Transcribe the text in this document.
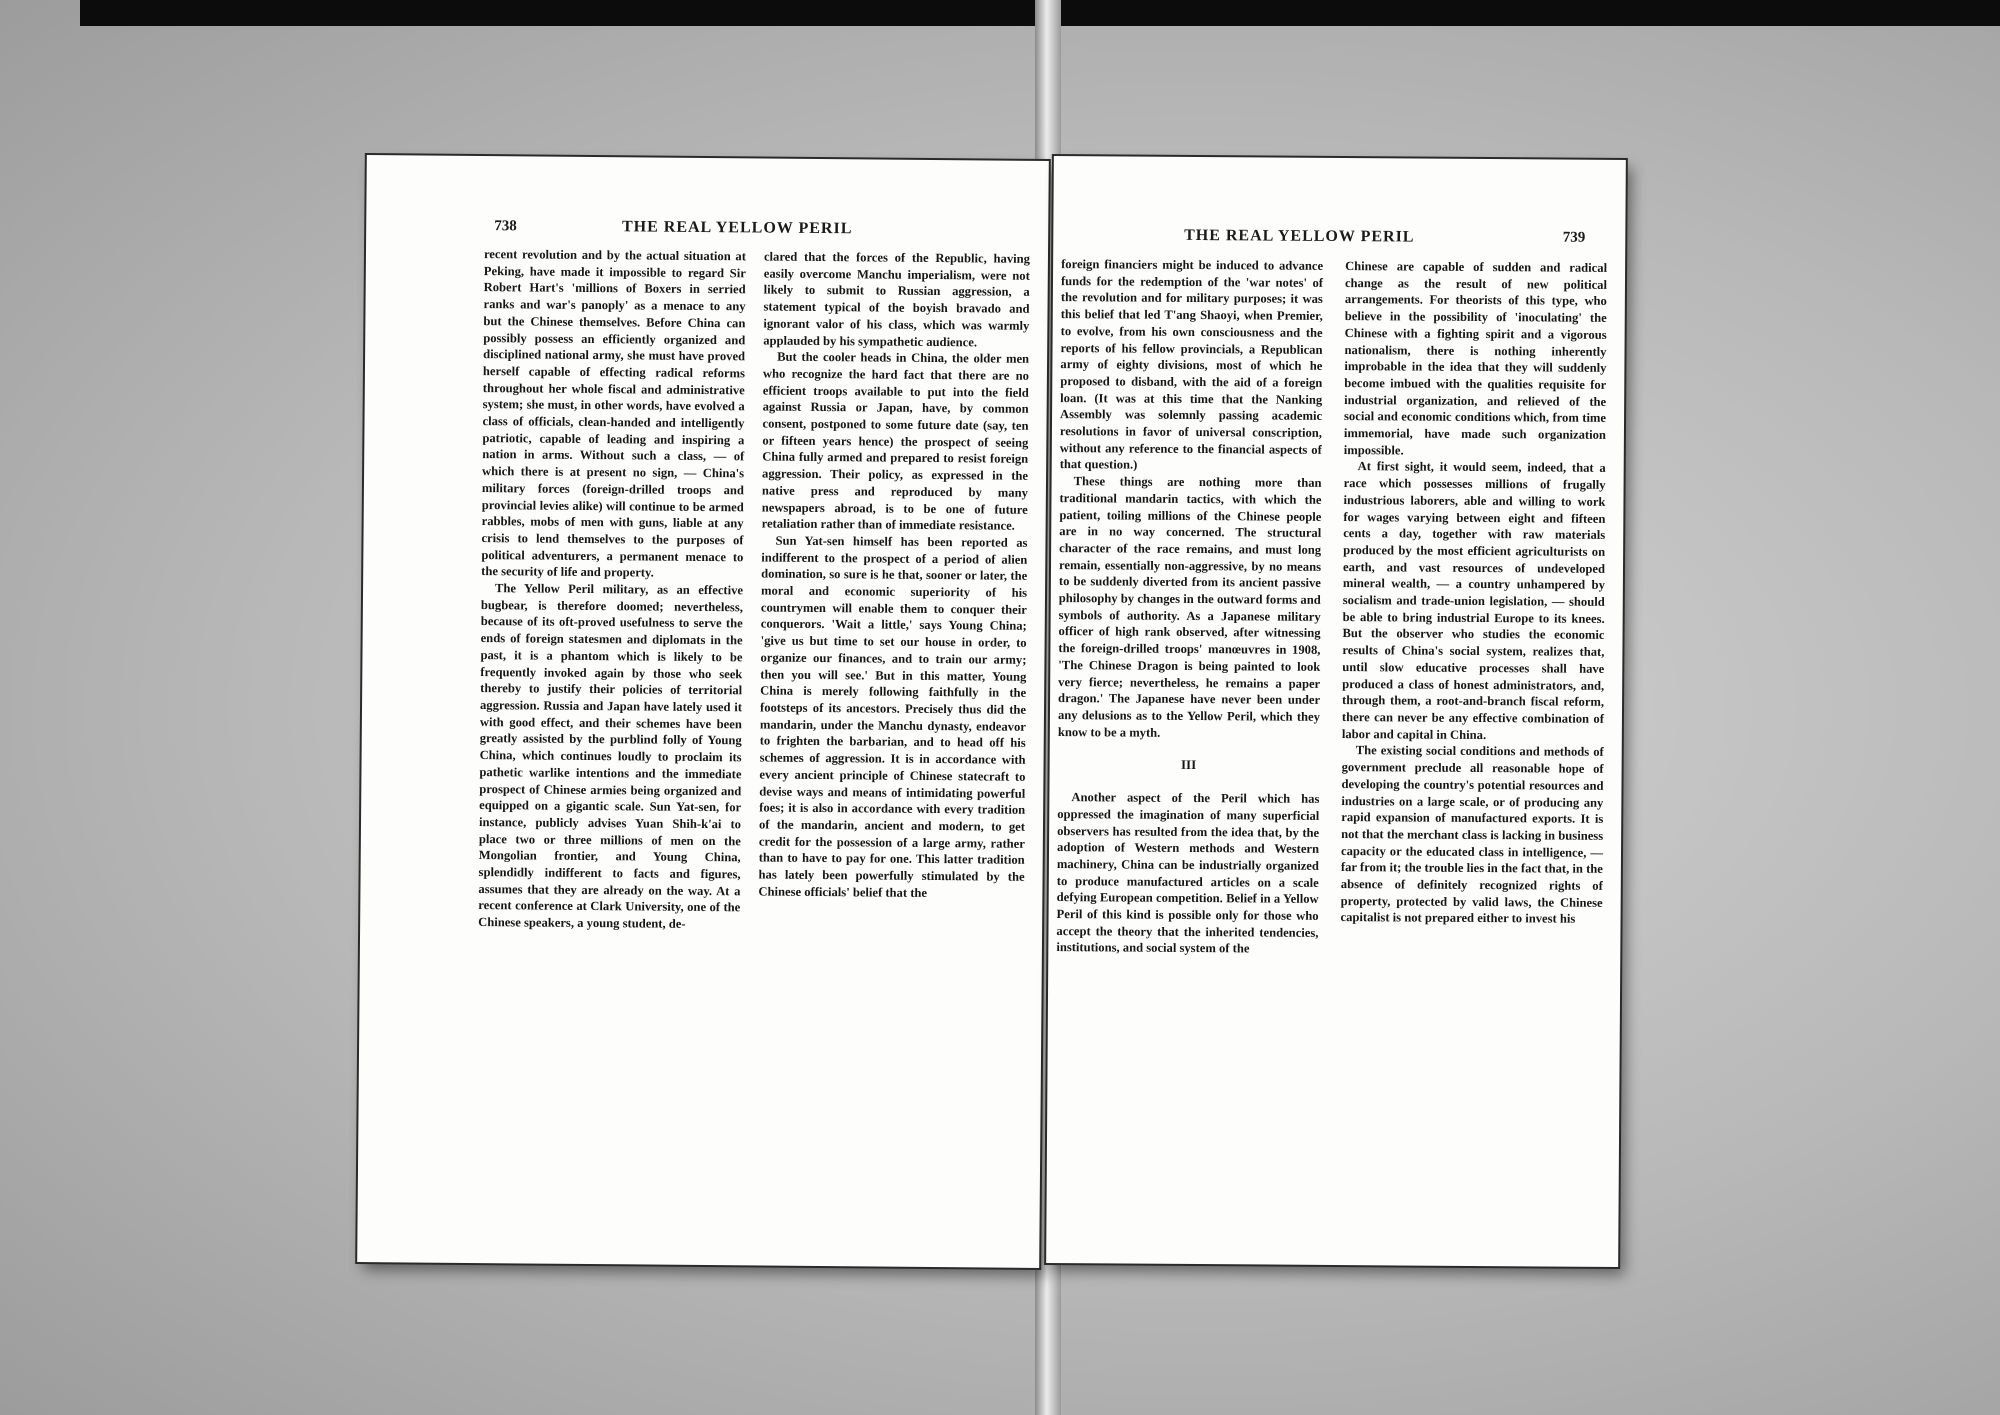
738	THE REAL YELLOW PERIL

recent revolution and by the actual situation at Peking, have made it impossible to regard Sir Robert Hart's 'millions of Boxers in serried ranks and war's panoply' as a menace to any but the Chinese themselves. Before China can possibly possess an efficiently organized and disciplined national army, she must have proved herself capable of effecting radical reforms throughout her whole fiscal and administrative system; she must, in other words, have evolved a class of officials, clean-handed and intelligently patriotic, capable of leading and inspiring a nation in arms. Without such a class, — of which there is at present no sign, — China's military forces (foreign-drilled troops and provincial levies alike) will continue to be armed rabbles, mobs of men with guns, liable at any crisis to lend themselves to the purposes of political adventurers, a permanent menace to the security of life and property.

The Yellow Peril military, as an effective bugbear, is therefore doomed; nevertheless, because of its oft-proved usefulness to serve the ends of foreign statesmen and diplomats in the past, it is a phantom which is likely to be frequently invoked again by those who seek thereby to justify their policies of territorial aggression. Russia and Japan have lately used it with good effect, and their schemes have been greatly assisted by the purblind folly of Young China, which continues loudly to proclaim its pathetic warlike intentions and the immediate prospect of Chinese armies being organized and equipped on a gigantic scale. Sun Yat-sen, for instance, publicly advises Yuan Shih-k'ai to place two or three millions of men on the Mongolian frontier, and Young China, splendidly indifferent to facts and figures, assumes that they are already on the way. At a recent conference at Clark University, one of the Chinese speakers, a young student, de-

clared that the forces of the Republic, having easily overcome Manchu imperialism, were not likely to submit to Russian aggression, a statement typical of the boyish bravado and ignorant valor of his class, which was warmly applauded by his sympathetic audience.

But the cooler heads in China, the older men who recognize the hard fact that there are no efficient troops available to put into the field against Russia or Japan, have, by common consent, postponed to some future date (say, ten or fifteen years hence) the prospect of seeing China fully armed and prepared to resist foreign aggression. Their policy, as expressed in the native press and reproduced by many newspapers abroad, is to be one of future retaliation rather than of immediate resistance.

Sun Yat-sen himself has been reported as indifferent to the prospect of a period of alien domination, so sure is he that, sooner or later, the moral and economic superiority of his countrymen will enable them to conquer their conquerors. 'Wait a little,' says Young China; 'give us but time to set our house in order, to organize our finances, and to train our army; then you will see.' But in this matter, Young China is merely following faithfully in the footsteps of its ancestors. Precisely thus did the mandarin, under the Manchu dynasty, endeavor to frighten the barbarian, and to head off his schemes of aggression. It is in accordance with every ancient principle of Chinese statecraft to devise ways and means of intimidating powerful foes; it is also in accordance with every tradition of the mandarin, ancient and modern, to get credit for the possession of a large army, rather than to have to pay for one. This latter tradition has lately been powerfully stimulated by the Chinese officials' belief that the

THE REAL YELLOW PERIL	739

foreign financiers might be induced to advance funds for the redemption of the 'war notes' of the revolution and for military purposes; it was this belief that led T'ang Shaoyi, when Premier, to evolve, from his own consciousness and the reports of his fellow provincials, a Republican army of eighty divisions, most of which he proposed to disband, with the aid of a foreign loan. (It was at this time that the Nanking Assembly was solemnly passing academic resolutions in favor of universal conscription, without any reference to the financial aspects of that question.)

These things are nothing more than traditional mandarin tactics, with which the patient, toiling millions of the Chinese people are in no way concerned. The structural character of the race remains, and must long remain, essentially non-aggressive, by no means to be suddenly diverted from its ancient passive philosophy by changes in the outward forms and symbols of authority. As a Japanese military officer of high rank observed, after witnessing the foreign-drilled troops' manœuvres in 1908, 'The Chinese Dragon is being painted to look very fierce; nevertheless, he remains a paper dragon.' The Japanese have never been under any delusions as to the Yellow Peril, which they know to be a myth.

III

Another aspect of the Peril which has oppressed the imagination of many superficial observers has resulted from the idea that, by the adoption of Western methods and Western machinery, China can be industrially organized to produce manufactured articles on a scale defying European competition. Belief in a Yellow Peril of this kind is possible only for those who accept the theory that the inherited tendencies, institutions, and social system of the

Chinese are capable of sudden and radical change as the result of new political arrangements. For theorists of this type, who believe in the possibility of 'inoculating' the Chinese with a fighting spirit and a vigorous nationalism, there is nothing inherently improbable in the idea that they will suddenly become imbued with the qualities requisite for industrial organization, and relieved of the social and economic conditions which, from time immemorial, have made such organization impossible.

At first sight, it would seem, indeed, that a race which possesses millions of frugally industrious laborers, able and willing to work for wages varying between eight and fifteen cents a day, together with raw materials produced by the most efficient agriculturists on earth, and vast resources of undeveloped mineral wealth, — a country unhampered by socialism and trade-union legislation, — should be able to bring industrial Europe to its knees. But the observer who studies the economic results of China's social system, realizes that, until slow educative processes shall have produced a class of honest administrators, and, through them, a root-and-branch fiscal reform, there can never be any effective combination of labor and capital in China.

The existing social conditions and methods of government preclude all reasonable hope of developing the country's potential resources and industries on a large scale, or of producing any rapid expansion of manufactured exports. It is not that the merchant class is lacking in business capacity or the educated class in intelligence, — far from it; the trouble lies in the fact that, in the absence of definitely recognized rights of property, protected by valid laws, the Chinese capitalist is not prepared either to invest his
